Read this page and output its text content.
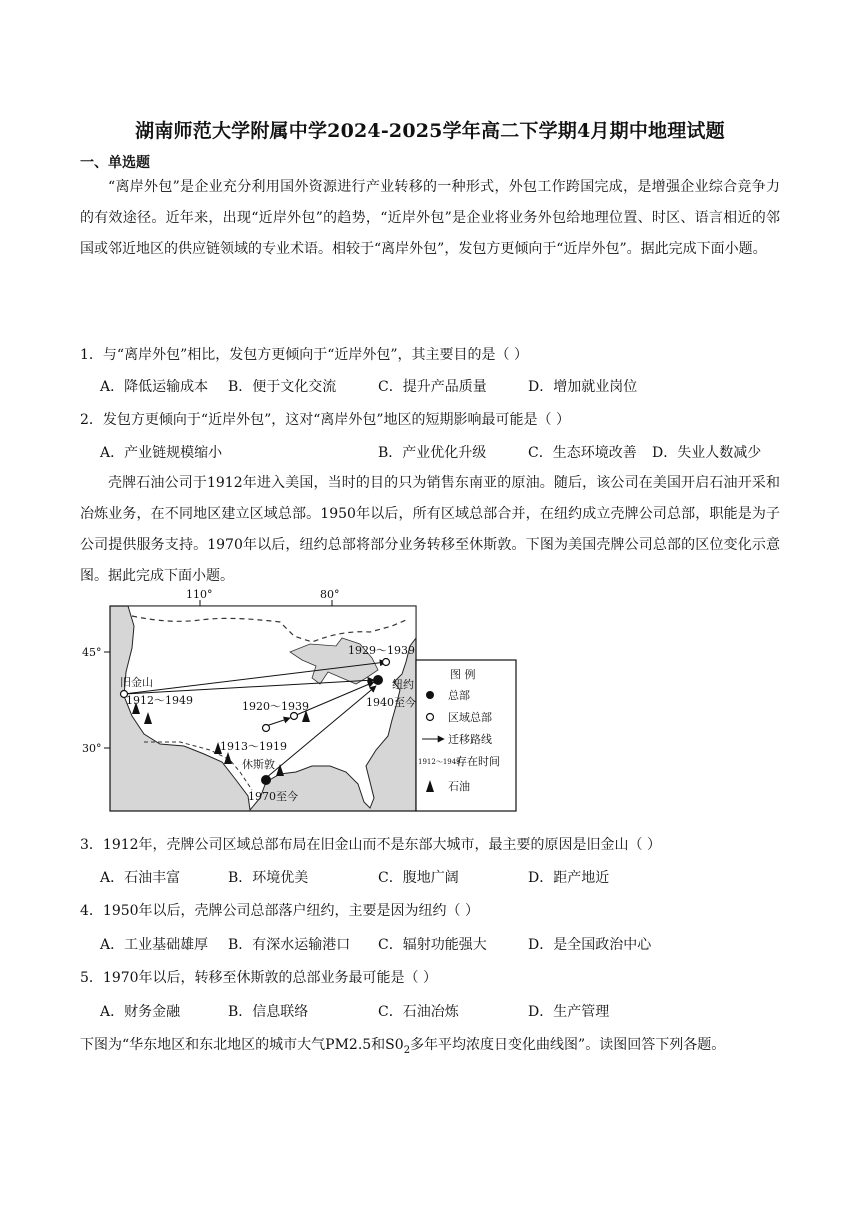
湖南师范大学附属中学2024-2025学年高二下学期4月期中地理试题
一、单选题
“离岸外包”是企业充分利用国外资源进行产业转移的一种形式，外包工作跨国完成，是增强企业综合竞争力的有效途径。近年来，出现“近岸外包”的趋势，“近岸外包”是企业将业务外包给地理位置、时区、语言相近的邻国或邻近地区的供应链领域的专业术语。相较于“离岸外包”，发包方更倾向于“近岸外包”。据此完成下面小题。
1．与“离岸外包”相比，发包方更倾向于“近岸外包”，其主要目的是（ ）
A．降低运输成本 B．便于文化交流	C．提升产品质量	D．增加就业岗位
2．发包方更倾向于“近岸外包”，这对“离岸外包”地区的短期影响最可能是（ ）
A．产业链规模缩小	B．产业优化升级	C．生态环境改善 D．失业人数减少
壳牌石油公司于1912年进入美国，当时的目的只为销售东南亚的原油。随后，该公司在美国开启石油开采和冶炼业务，在不同地区建立区域总部。1950年以后，所有区域总部合并，在纽约成立壳牌公司总部，职能是为子公司提供服务支持。1970年以后，纽约总部将部分业务转移至休斯敦。下图为美国壳牌公司总部的区位变化示意图。据此完成下面小题。
110°	80°
45°
30°
旧金山
1912～1949
1929～1939
1920～1939
1913～1919
纽约
1940至今
休斯敦
1970至今
图 例
总部
区域总部
迁移路线
1912～1949
存在时间
石油
3．1912年，壳牌公司区域总部布局在旧金山而不是东部大城市，最主要的原因是旧金山（ ）
A．石油丰富	B．环境优美	C．腹地广阔	D．距产地近
4．1950年以后，壳牌公司总部落户纽约，主要是因为纽约（ ）
A．工业基础雄厚 B．有深水运输港口 C．辐射功能强大	D．是全国政治中心
5．1970年以后，转移至休斯敦的总部业务最可能是（ ）
A．财务金融	B．信息联络	C．石油冶炼	D．生产管理
下图为“华东地区和东北地区的城市大气PM2.5和$S0_2$多年平均浓度日变化曲线图”。读图回答下列各题。
